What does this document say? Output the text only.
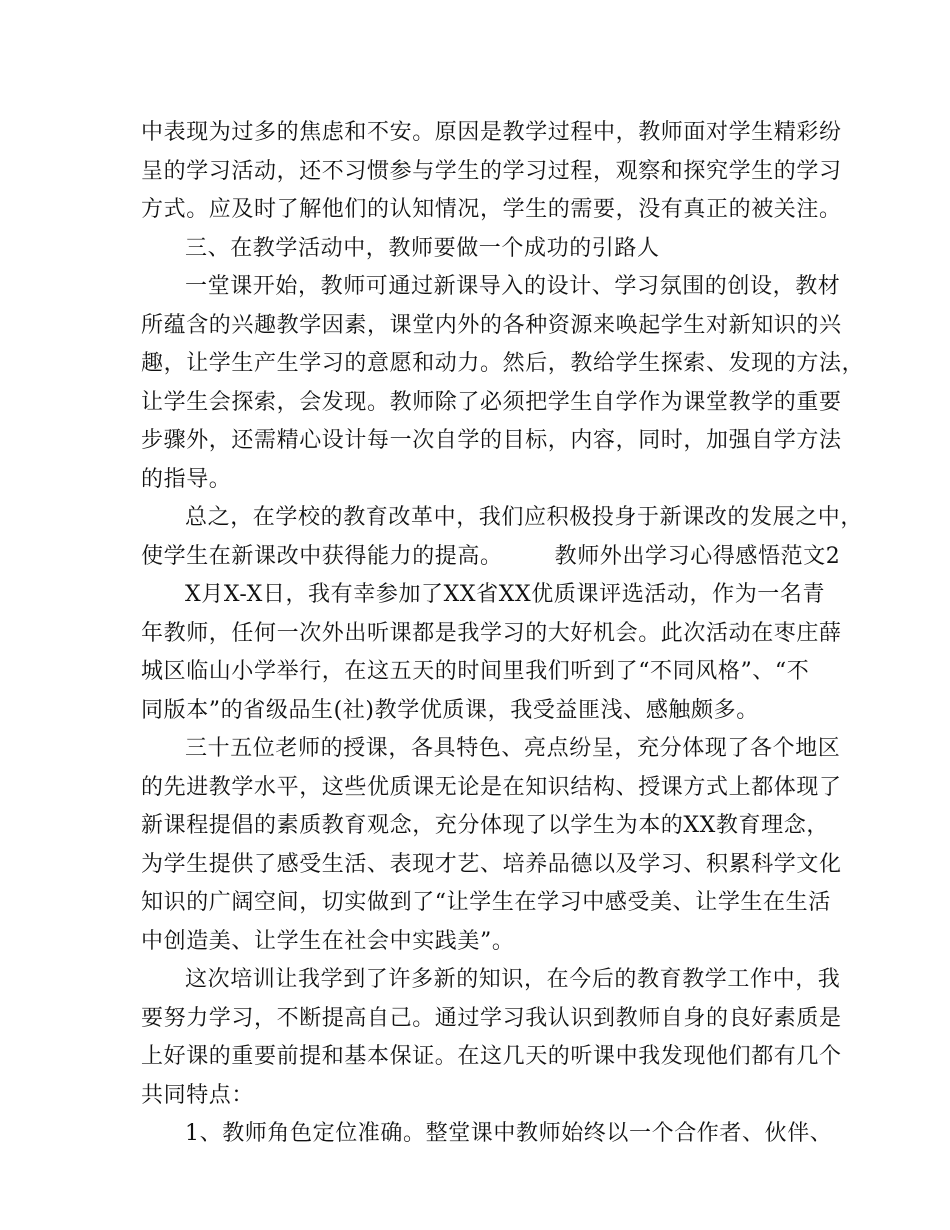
中表现为过多的焦虑和不安。原因是教学过程中，教师面对学生精彩纷
呈的学习活动，还不习惯参与学生的学习过程，观察和探究学生的学习
方式。应及时了解他们的认知情况，学生的需要，没有真正的被关注。
三、在教学活动中，教师要做一个成功的引路人
一堂课开始，教师可通过新课导入的设计、学习氛围的创设，教材
所蕴含的兴趣教学因素，课堂内外的各种资源来唤起学生对新知识的兴
趣，让学生产生学习的意愿和动力。然后，教给学生探索、发现的方法，
让学生会探索，会发现。教师除了必须把学生自学作为课堂教学的重要
步骤外，还需精心设计每一次自学的目标，内容，同时，加强自学方法
的指导。
总之，在学校的教育改革中，我们应积极投身于新课改的发展之中，
使学生在新课改中获得能力的提高。 教师外出学习心得感悟范文2
X月X-X日，我有幸参加了XX省XX优质课评选活动，作为一名青
年教师，任何一次外出听课都是我学习的大好机会。此次活动在枣庄薛
城区临山小学举行，在这五天的时间里我们听到了“不同风格”、“不
同版本”的省级品生(社)教学优质课，我受益匪浅、感触颇多。
三十五位老师的授课，各具特色、亮点纷呈，充分体现了各个地区
的先进教学水平，这些优质课无论是在知识结构、授课方式上都体现了
新课程提倡的素质教育观念，充分体现了以学生为本的XX教育理念，
为学生提供了感受生活、表现才艺、培养品德以及学习、积累科学文化
知识的广阔空间，切实做到了“让学生在学习中感受美、让学生在生活
中创造美、让学生在社会中实践美”。
这次培训让我学到了许多新的知识，在今后的教育教学工作中，我
要努力学习，不断提高自己。通过学习我认识到教师自身的良好素质是
上好课的重要前提和基本保证。在这几天的听课中我发现他们都有几个
共同特点：
1、教师角色定位准确。整堂课中教师始终以一个合作者、伙伴、
